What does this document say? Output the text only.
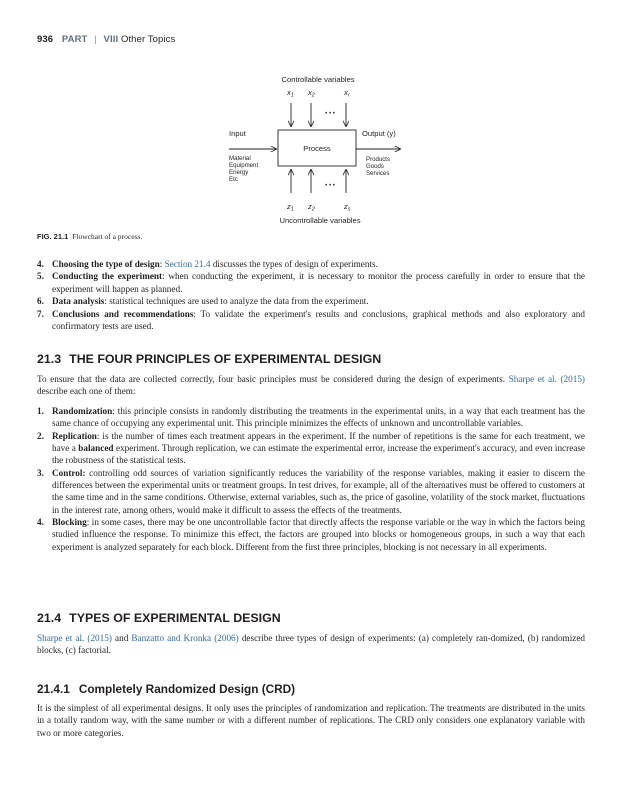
936 PART | VIII Other Topics
Controllable variables
x1 x2	xr
• • •
Input	Output (y)
Process
Material
Equipment
Energy
Etc
Products
Goods
Services
• • •
z1 z2	zs
Uncontrollable variables
FIG. 21.1 Flowchart of a process.
4. Choosing the type of design: Section 21.4 discusses the types of design of experiments.
5. Conducting the experiment: when conducting the experiment, it is necessary to monitor the process carefully in order to ensure that the experiment will happen as planned.
6. Data analysis: statistical techniques are used to analyze the data from the experiment.
7. Conclusions and recommendations: To validate the experiment's results and conclusions, graphical methods and also exploratory and confirmatory tests are used.
21.3 THE FOUR PRINCIPLES OF EXPERIMENTAL DESIGN

To ensure that the data are collected correctly, four basic principles must be considered during the design of experiments. Sharpe et al. (2015) describe each one of them:

1. Randomization: this principle consists in randomly distributing the treatments in the experimental units, in a way that each treatment has the same chance of occupying any experimental unit. This principle minimizes the effects of unknown and uncontrollable variables.
2. Replication: is the number of times each treatment appears in the experiment. If the number of repetitions is the same for each treatment, we have a balanced experiment. Through replication, we can estimate the experimental error, increase the experiment's accuracy, and even increase the robustness of the statistical tests.
3. Control: controlling odd sources of variation significantly reduces the variability of the response variables, making it easier to discern the differences between the experimental units or treatment groups. In test drives, for example, all of the alternatives must be offered to customers at the same time and in the same conditions. Otherwise, external variables, such as, the price of gasoline, volatility of the stock market, fluctuations in the interest rate, among others, would make it difficult to assess the effects of the treatments.
4. Blocking: in some cases, there may be one uncontrollable factor that directly affects the response variable or the way in which the factors being studied influence the response. To minimize this effect, the factors are grouped into blocks or homogeneous groups, in such a way that each experiment is analyzed separately for each block. Different from the first three principles, blocking is not necessary in all experiments.
21.4 TYPES OF EXPERIMENTAL DESIGN

Sharpe et al. (2015) and Banzatto and Kronka (2006) describe three types of design of experiments: (a) completely ran-domized, (b) randomized blocks, (c) factorial.

21.4.1 Completely Randomized Design (CRD)

It is the simplest of all experimental designs. It only uses the principles of randomization and replication. The treatments are distributed in the units in a totally random way, with the same number or with a different number of replications. The CRD only considers one explanatory variable with two or more categories.
